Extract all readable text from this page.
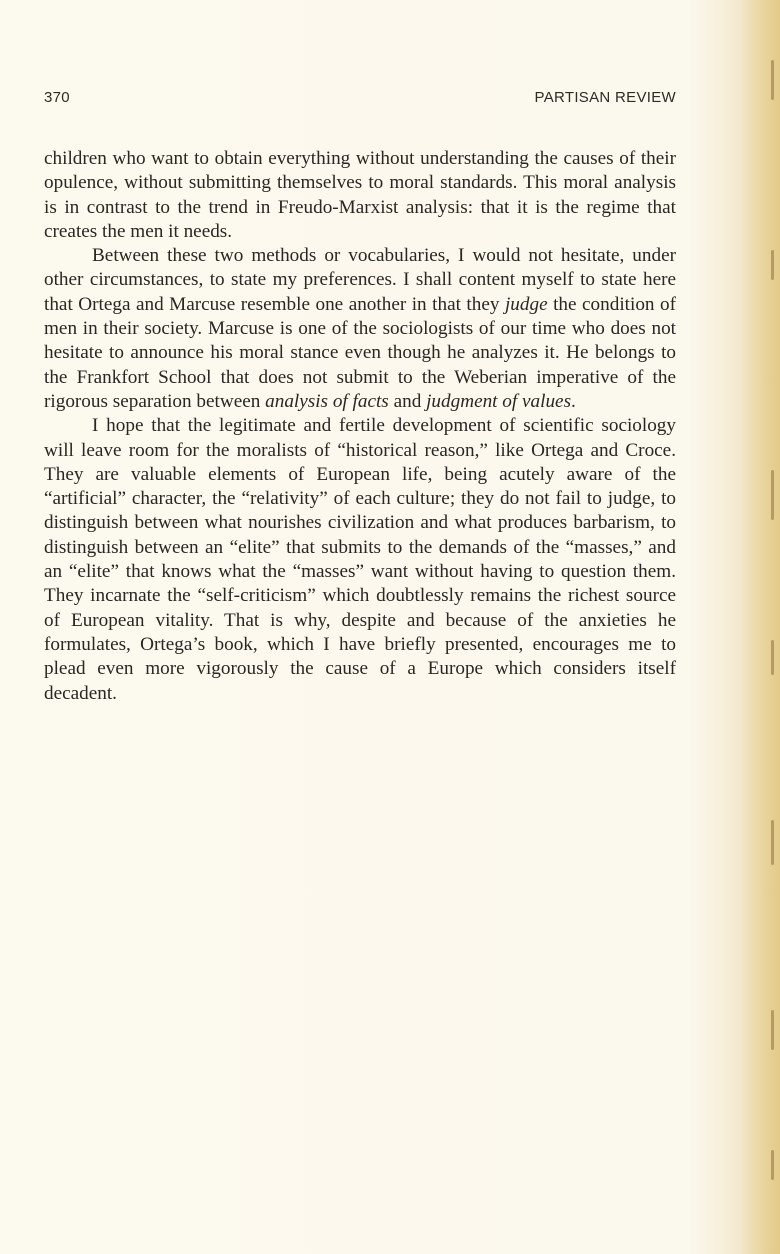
370	PARTISAN REVIEW

children who want to obtain everything without understanding the causes of their opulence, without submitting themselves to moral standards. This moral analysis is in contrast to the trend in Freudo-Marxist analysis: that it is the regime that creates the men it needs.

Between these two methods or vocabularies, I would not hesitate, under other circumstances, to state my preferences. I shall content myself to state here that Ortega and Marcuse resemble one another in that they judge the condition of men in their society. Marcuse is one of the sociologists of our time who does not hesitate to announce his moral stance even though he analyzes it. He belongs to the Frankfort School that does not submit to the Weberian imperative of the rigorous separation between analysis of facts and judgment of values.

I hope that the legitimate and fertile development of scientific sociology will leave room for the moralists of “historical reason,” like Ortega and Croce. They are valuable elements of European life, being acutely aware of the “artificial” character, the “relativity” of each culture; they do not fail to judge, to distinguish between what nourishes civilization and what produces barbarism, to distinguish between an “elite” that submits to the demands of the “masses,” and an “elite” that knows what the “masses” want without having to question them. They incarnate the “self-criticism” which doubtlessly remains the richest source of European vitality. That is why, despite and because of the anxieties he formulates, Ortega’s book, which I have briefly presented, encourages me to plead even more vigorously the cause of a Europe which considers itself decadent.
